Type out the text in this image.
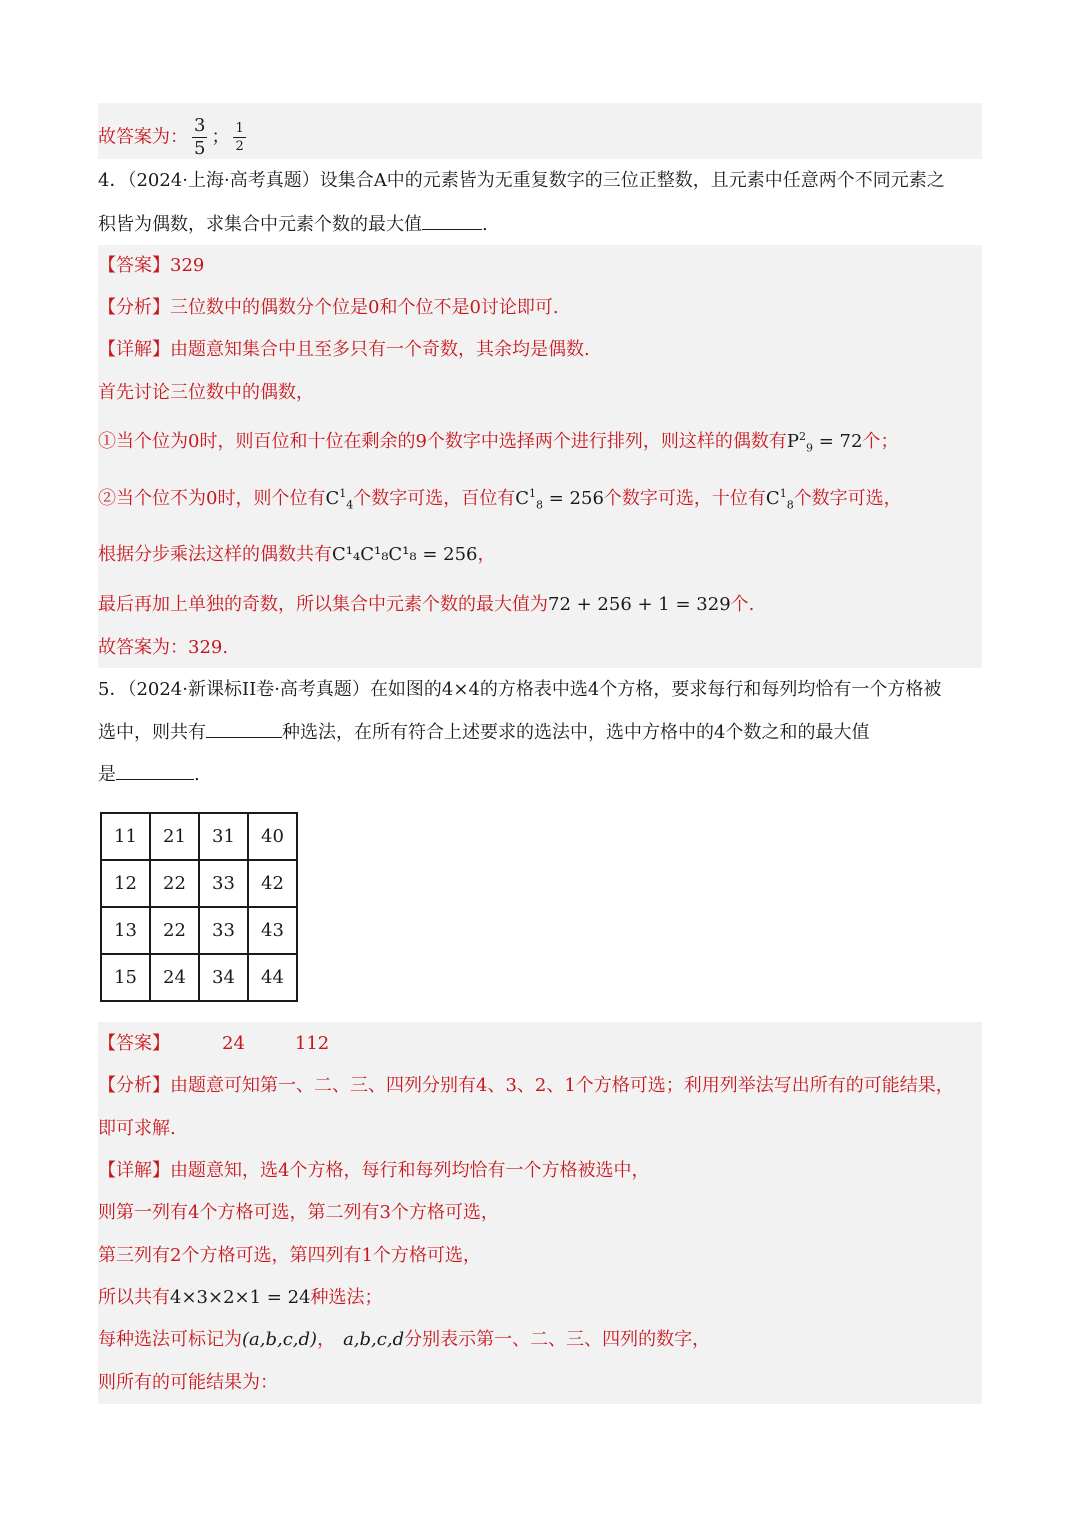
故答案为： $\frac{3}{5}$ ； $\frac{1}{2}$
4．（2024·上海·高考真题）设集合A中的元素皆为无重复数字的三位正整数，且元素中任意两个不同元素之
积皆为偶数，求集合中元素个数的最大值	.
【答案】329
【分析】三位数中的偶数分个位是0和个位不是0讨论即可.
【详解】由题意知集合中且至多只有一个奇数，其余均是偶数.
首先讨论三位数中的偶数，
①当个位为0时，则百位和十位在剩余的9个数字中选择两个进行排列，则这样的偶数有$P^2_9 = 72$个；
②当个位不为0时，则个位有$C^1_4$个数字可选，百位有$C^1_8 = 256$个数字可选，十位有$C^1_8$个数字可选，
根据分步乘法这样的偶数共有C¹₄C¹₈C¹₈ = 256，
最后再加上单独的奇数，所以集合中元素个数的最大值为72 + 256 + 1 = 329个.
故答案为：329.
5．（2024·新课标II卷·高考真题）在如图的4×4的方格表中选4个方格，要求每行和每列均恰有一个方格被
选中，则共有	种选法，在所有符合上述要求的选法中，选中方格中的4个数之和的最大值
是	.
11	21	31	40
12	22	33	42
13	22	33	43
15	24	34	44
【答案】	24	112
【分析】由题意可知第一、二、三、四列分别有4、3、2、1个方格可选；利用列举法写出所有的可能结果，
即可求解.
【详解】由题意知，选4个方格，每行和每列均恰有一个方格被选中，
则第一列有4个方格可选，第二列有3个方格可选，
第三列有2个方格可选，第四列有1个方格可选，
所以共有4×3×2×1 = 24种选法；
每种选法可标记为(a,b,c,d)， a,b,c,d分别表示第一、二、三、四列的数字，
则所有的可能结果为：
